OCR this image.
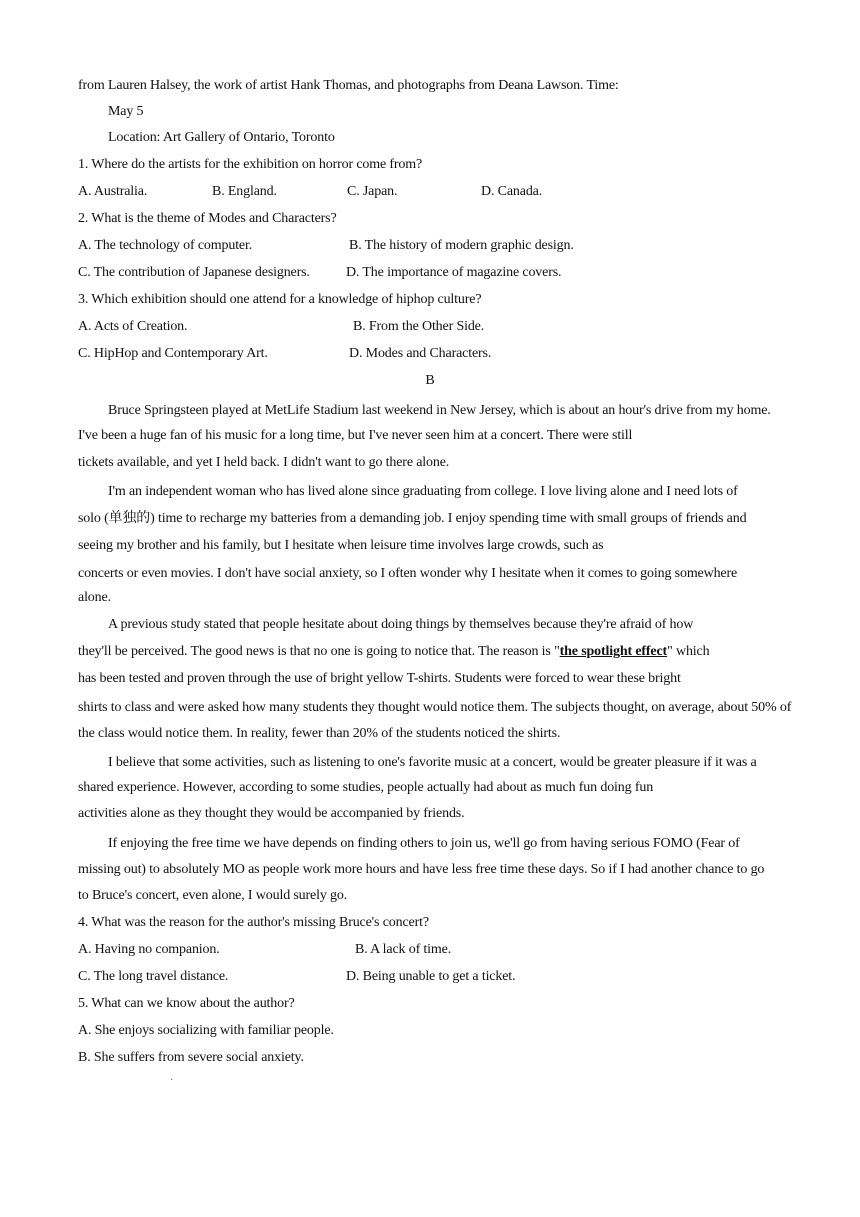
from Lauren Halsey, the work of artist Hank Thomas, and photographs from Deana Lawson. Time:
May 5
Location: Art Gallery of Ontario, Toronto
1. Where do the artists for the exhibition on horror come from?
A. Australia.	B. England.	C. Japan.	D. Canada.
2. What is the theme of Modes and Characters?
A. The technology of computer.	B. The history of modern graphic design.
C. The contribution of Japanese designers.	D. The importance of magazine covers.
3. Which exhibition should one attend for a knowledge of hiphop culture?
A. Acts of Creation.	B. From the Other Side.
C. HipHop and Contemporary Art.	D. Modes and Characters.
B
Bruce Springsteen played at MetLife Stadium last weekend in New Jersey, which is about an hour's drive from my home.
I've been a huge fan of his music for a long time, but I've never seen him at a concert. There were still
tickets available, and yet I held back. I didn't want to go there alone.
I'm an independent woman who has lived alone since graduating from college. I love living alone and I need lots of
solo (单独的) time to recharge my batteries from a demanding job. I enjoy spending time with small groups of friends and
seeing my brother and his family, but I hesitate when leisure time involves large crowds, such as
concerts or even movies. I don't have social anxiety, so I often wonder why I hesitate when it comes to going somewhere
alone.
A previous study stated that people hesitate about doing things by themselves because they're afraid of how
they'll be perceived. The good news is that no one is going to notice that. The reason is "the spotlight effect" which
has been tested and proven through the use of bright yellow T-shirts. Students were forced to wear these bright
shirts to class and were asked how many students they thought would notice them. The subjects thought, on average, about 50% of
the class would notice them. In reality, fewer than 20% of the students noticed the shirts.
I believe that some activities, such as listening to one's favorite music at a concert, would be greater pleasure if it was a
shared experience. However, according to some studies, people actually had about as much fun doing fun
activities alone as they thought they would be accompanied by friends.
If enjoying the free time we have depends on finding others to join us, we'll go from having serious FOMO (Fear of
missing out) to absolutely MO as people work more hours and have less free time these days. So if I had another chance to go
to Bruce's concert, even alone, I would surely go.
4. What was the reason for the author's missing Bruce's concert?
A. Having no companion.	B. A lack of time.
C. The long travel distance.	D. Being unable to get a ticket.
5. What can we know about the author?
A. She enjoys socializing with familiar people.
B. She suffers from severe social anxiety.
·
